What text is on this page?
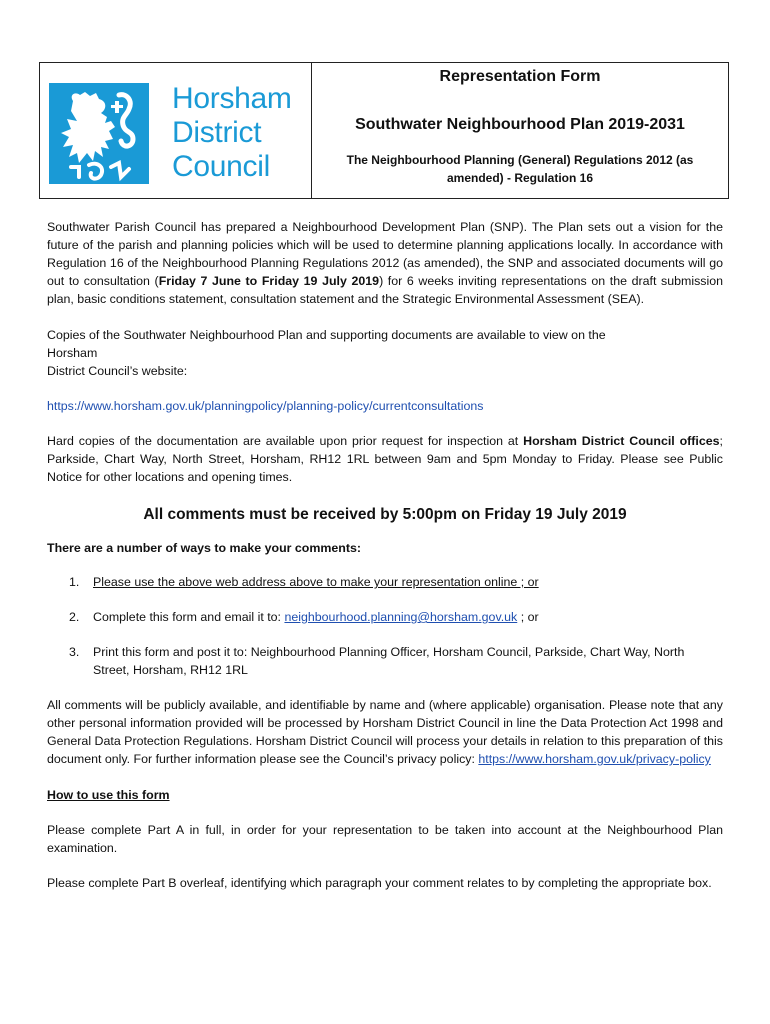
Horsham
District
Council
Representation Form
Southwater Neighbourhood Plan 2019-2031
The Neighbourhood Planning (General) Regulations 2012 (as amended) - Regulation 16

Southwater Parish Council has prepared a Neighbourhood Development Plan (SNP). The Plan sets out a vision for the future of the parish and planning policies which will be used to determine planning applications locally. In accordance with Regulation 16 of the Neighbourhood Planning Regulations 2012 (as amended), the SNP and associated documents will go out to consultation (Friday 7 June to Friday 19 July 2019) for 6 weeks inviting representations on the draft submission plan, basic conditions statement, consultation statement and the Strategic Environmental Assessment (SEA).

Copies of the Southwater Neighbourhood Plan and supporting documents are available to view on the
Horsham
District Council’s website:

https://www.horsham.gov.uk/planningpolicy/planning-policy/currentconsultations

Hard copies of the documentation are available upon prior request for inspection at Horsham District Council offices; Parkside, Chart Way, North Street, Horsham, RH12 1RL between 9am and 5pm Monday to Friday. Please see Public Notice for other locations and opening times.

All comments must be received by 5:00pm on Friday 19 July 2019

There are a number of ways to make your comments:

1. Please use the above web address above to make your representation online ; or
2. Complete this form and email it to: neighbourhood.planning@horsham.gov.uk ; or
3. Print this form and post it to: Neighbourhood Planning Officer, Horsham Council, Parkside, Chart Way, North Street, Horsham, RH12 1RL

All comments will be publicly available, and identifiable by name and (where applicable) organisation. Please note that any other personal information provided will be processed by Horsham District Council in line the Data Protection Act 1998 and General Data Protection Regulations. Horsham District Council will process your details in relation to this preparation of this document only. For further information please see the Council’s privacy policy: https://www.horsham.gov.uk/privacy-policy

How to use this form

Please complete Part A in full, in order for your representation to be taken into account at the Neighbourhood Plan examination.

Please complete Part B overleaf, identifying which paragraph your comment relates to by completing the appropriate box.
